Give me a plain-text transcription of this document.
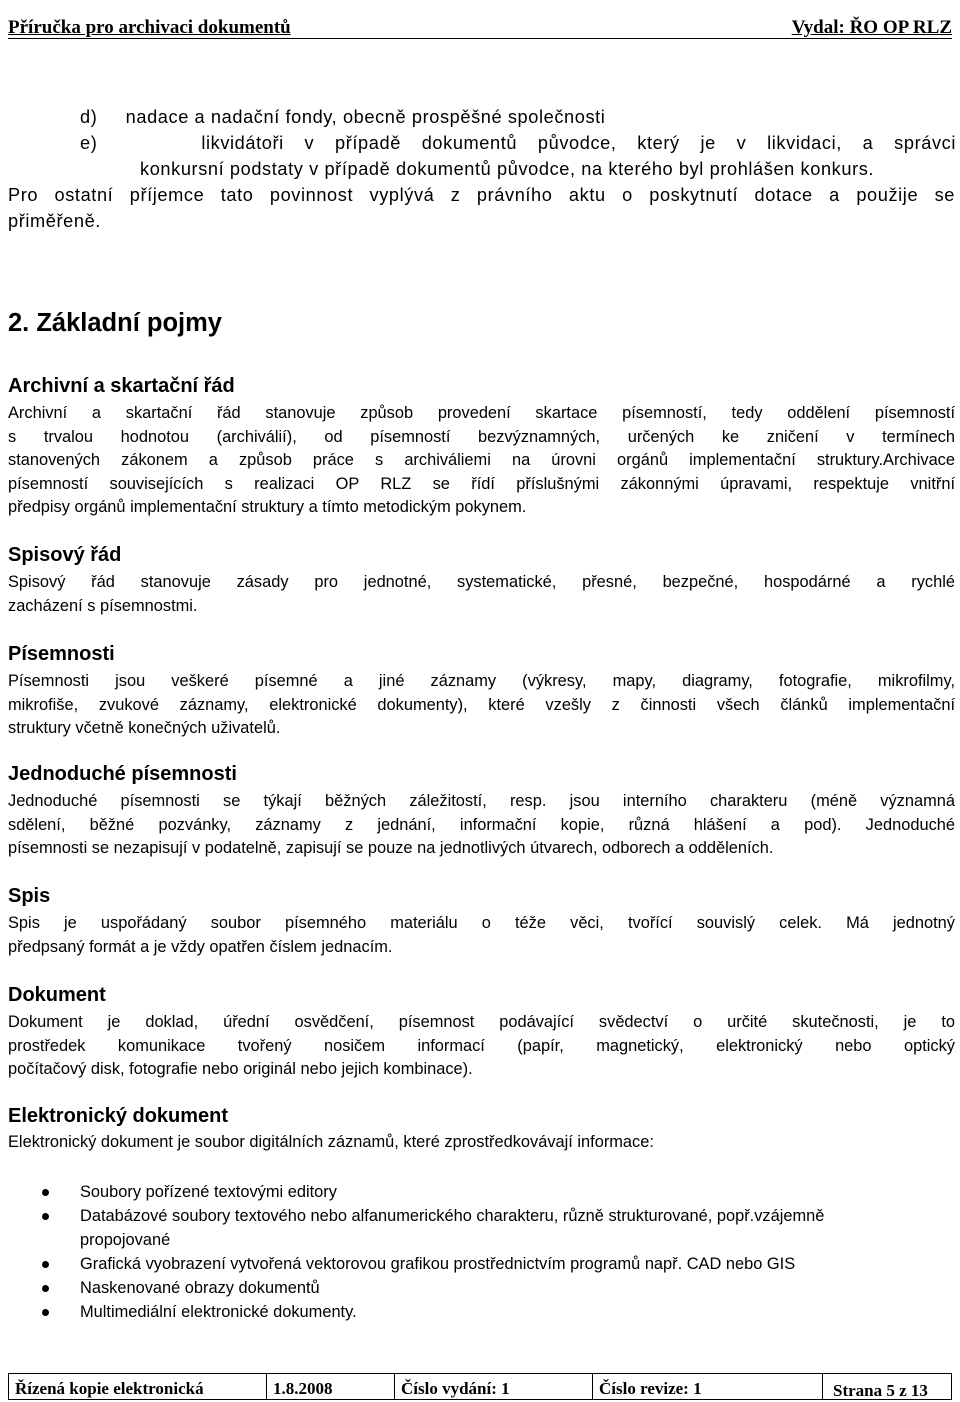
Příručka pro archivaci dokumentů	Vydal: ŘO OP RLZ
d)     nadace a nadační fondy, obecně prospěšné společnosti
e)     likvidátoři v případě dokumentů původce, který je v likvidaci, a správci
konkursní podstaty v případě dokumentů původce, na kterého byl prohlášen konkurs.
Pro ostatní příjemce tato povinnost vyplývá z právního aktu o poskytnutí dotace a použije se
přiměřeně.
2. Základní pojmy
Archivní a skartační řád
Archivní a skartační řád stanovuje způsob provedení skartace písemností, tedy oddělení písemností
s trvalou hodnotou (archiválií), od písemností bezvýznamných, určených ke zničení v termínech
stanovených zákonem a způsob práce s archiváliemi na úrovni orgánů implementační struktury.Archivace
písemností souvisejících s realizaci OP RLZ se řídí příslušnými zákonnými úpravami, respektuje vnitřní
předpisy orgánů implementační struktury a tímto metodickým pokynem.
Spisový řád
Spisový řád stanovuje zásady pro jednotné, systematické, přesné, bezpečné, hospodárné a rychlé
zacházení s písemnostmi.
Písemnosti
Písemnosti jsou veškeré písemné a jiné záznamy (výkresy, mapy, diagramy, fotografie, mikrofilmy,
mikrofiše, zvukové záznamy, elektronické dokumenty), které vzešly z činnosti všech článků implementační
struktury včetně konečných uživatelů.
Jednoduché písemnosti
Jednoduché písemnosti se týkají běžných záležitostí, resp. jsou interního charakteru (méně významná
sdělení, běžné pozvánky, záznamy z jednání, informační kopie, různá hlášení a pod). Jednoduché
písemnosti se nezapisují v podatelně, zapisují se pouze na jednotlivých útvarech, odborech a odděleních.
Spis
Spis je uspořádaný soubor písemného materiálu o téže věci, tvořící souvislý celek. Má jednotný
předpsaný formát a je vždy opatřen číslem jednacím.
Dokument
Dokument je doklad, úřední osvědčení, písemnost podávající svědectví o určité skutečnosti, je to
prostředek komunikace tvořený nosičem informací (papír, magnetický, elektronický nebo optický
počítačový disk, fotografie nebo originál nebo jejich kombinace).
Elektronický dokument
Elektronický dokument je soubor digitálních záznamů, které zprostředkovávají informace:
Soubory pořízené textovými editory
Databázové soubory textového nebo alfanumerického charakteru, různě strukturované, popř.vzájemně propojované
Grafická vyobrazení vytvořená vektorovou grafikou prostřednictvím programů např. CAD nebo GIS
Naskenované obrazy dokumentů
Multimediální elektronické dokumenty.
Řízená kopie elektronická	1.8.2008	Číslo vydání: 1	Číslo revize: 1	Strana 5 z 13
